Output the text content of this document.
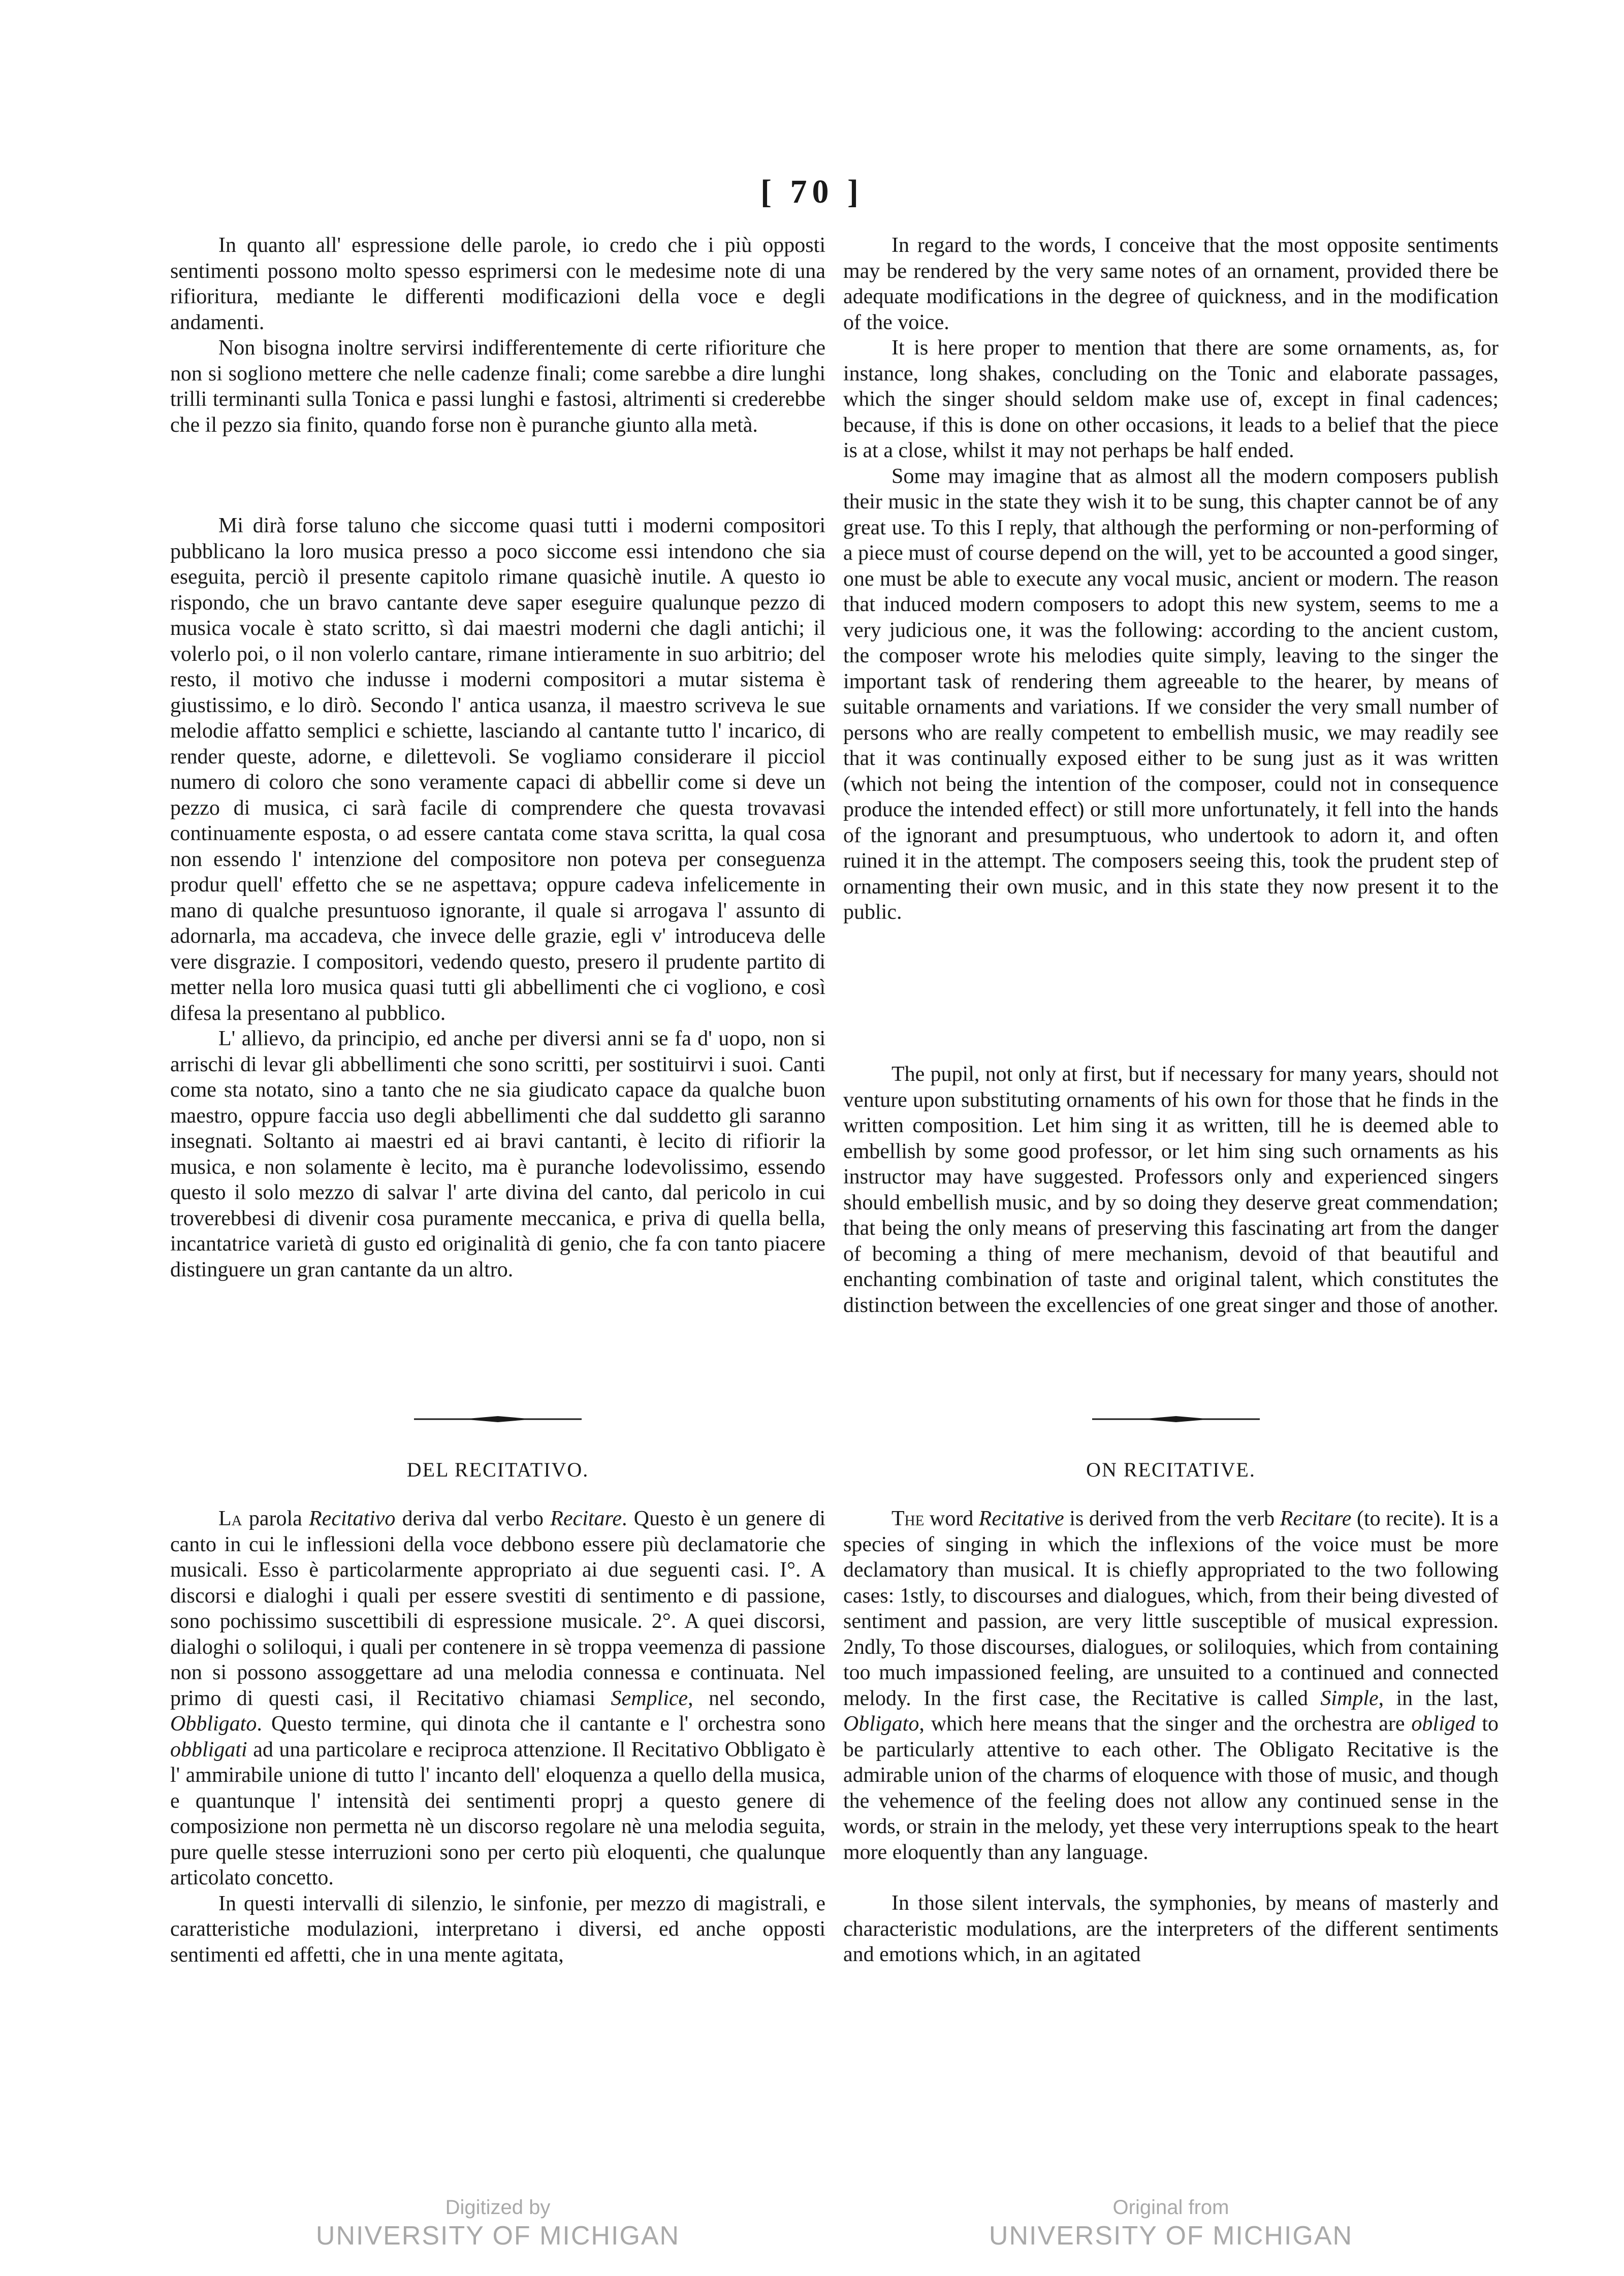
[ 70 ]

In quanto all' espressione delle parole, io credo che i più opposti sentimenti possono molto spesso esprimersi con le medesime note di una rifioritura, mediante le differenti modificazioni della voce e degli andamenti.

Non bisogna inoltre servirsi indifferentemente di certe rifioriture che non si sogliono mettere che nelle cadenze finali; come sarebbe a dire lunghi trilli terminanti sulla Tonica e passi lunghi e fastosi, altrimenti si crederebbe che il pezzo sia finito, quando forse non è puranche giunto alla metà.

Mi dirà forse taluno che siccome quasi tutti i moderni compositori pubblicano la loro musica presso a poco siccome essi intendono che sia eseguita, perciò il presente capitolo rimane quasichè inutile. A questo io rispondo, che un bravo cantante deve saper eseguire qualunque pezzo di musica vocale è stato scritto, sì dai maestri moderni che dagli antichi; il volerlo poi, o il non volerlo cantare, rimane intieramente in suo arbitrio; del resto, il motivo che indusse i moderni compositori a mutar sistema è giustissimo, e lo dirò. Secondo l' antica usanza, il maestro scriveva le sue melodie affatto semplici e schiette, lasciando al cantante tutto l' incarico, di render queste, adorne, e dilettevoli. Se vogliamo considerare il picciol numero di coloro che sono veramente capaci di abbellir come si deve un pezzo di musica, ci sarà facile di comprendere che questa trovavasi continuamente esposta, o ad essere cantata come stava scritta, la qual cosa non essendo l' intenzione del compositore non poteva per conseguenza produr quell' effetto che se ne aspettava; oppure cadeva infelicemente in mano di qualche presuntuoso ignorante, il quale si arrogava l' assunto di adornarla, ma accadeva, che invece delle grazie, egli v' introduceva delle vere disgrazie. I compositori, vedendo questo, presero il prudente partito di metter nella loro musica quasi tutti gli abbellimenti che ci vogliono, e così difesa la presentano al pubblico.

L' allievo, da principio, ed anche per diversi anni se fa d' uopo, non si arrischi di levar gli abbellimenti che sono scritti, per sostituirvi i suoi. Canti come sta notato, sino a tanto che ne sia giudicato capace da qualche buon maestro, oppure faccia uso degli abbellimenti che dal suddetto gli saranno insegnati. Soltanto ai maestri ed ai bravi cantanti, è lecito di rifiorir la musica, e non solamente è lecito, ma è puranche lodevolissimo, essendo questo il solo mezzo di salvar l' arte divina del canto, dal pericolo in cui troverebbesi di divenir cosa puramente meccanica, e priva di quella bella, incantatrice varietà di gusto ed originalità di genio, che fa con tanto piacere distinguere un gran cantante da un altro.

DEL RECITATIVO.

La parola Recitativo deriva dal verbo Recitare. Questo è un genere di canto in cui le inflessioni della voce debbono essere più declamatorie che musicali. Esso è particolarmente appropriato ai due seguenti casi. I°. A discorsi e dialoghi i quali per essere svestiti di sentimento e di passione, sono pochissimo suscettibili di espressione musicale. 2°. A quei discorsi, dialoghi o soliloqui, i quali per contenere in sè troppa veemenza di passione non si possono assoggettare ad una melodia connessa e continuata. Nel primo di questi casi, il Recitativo chiamasi Semplice, nel secondo, Obbligato. Questo termine, qui dinota che il cantante e l' orchestra sono obbligati ad una particolare e reciproca attenzione. Il Recitativo Obbligato è l' ammirabile unione di tutto l' incanto dell' eloquenza a quello della musica, e quantunque l' intensità dei sentimenti proprj a questo genere di composizione non permetta nè un discorso regolare nè una melodia seguita, pure quelle stesse interruzioni sono per certo più eloquenti, che qualunque articolato concetto.

In questi intervalli di silenzio, le sinfonie, per mezzo di magistrali, e caratteristiche modulazioni, interpretano i diversi, ed anche opposti sentimenti ed affetti, che in una mente agitata,

In regard to the words, I conceive that the most opposite sentiments may be rendered by the very same notes of an ornament, provided there be adequate modifications in the degree of quickness, and in the modification of the voice.

It is here proper to mention that there are some ornaments, as, for instance, long shakes, concluding on the Tonic and elaborate passages, which the singer should seldom make use of, except in final cadences; because, if this is done on other occasions, it leads to a belief that the piece is at a close, whilst it may not perhaps be half ended.

Some may imagine that as almost all the modern composers publish their music in the state they wish it to be sung, this chapter cannot be of any great use. To this I reply, that although the performing or non-performing of a piece must of course depend on the will, yet to be accounted a good singer, one must be able to execute any vocal music, ancient or modern. The reason that induced modern composers to adopt this new system, seems to me a very judicious one, it was the following: according to the ancient custom, the composer wrote his melodies quite simply, leaving to the singer the important task of rendering them agreeable to the hearer, by means of suitable ornaments and variations. If we consider the very small number of persons who are really competent to embellish music, we may readily see that it was continually exposed either to be sung just as it was written (which not being the intention of the composer, could not in consequence produce the intended effect) or still more unfortunately, it fell into the hands of the ignorant and presumptuous, who undertook to adorn it, and often ruined it in the attempt. The composers seeing this, took the prudent step of ornamenting their own music, and in this state they now present it to the public.

The pupil, not only at first, but if necessary for many years, should not venture upon substituting ornaments of his own for those that he finds in the written composition. Let him sing it as written, till he is deemed able to embellish by some good professor, or let him sing such ornaments as his instructor may have suggested. Professors only and experienced singers should embellish music, and by so doing they deserve great commendation; that being the only means of preserving this fascinating art from the danger of becoming a thing of mere mechanism, devoid of that beautiful and enchanting combination of taste and original talent, which constitutes the distinction between the excellencies of one great singer and those of another.

ON RECITATIVE.

The word Recitative is derived from the verb Recitare (to recite). It is a species of singing in which the inflexions of the voice must be more declamatory than musical. It is chiefly appropriated to the two following cases: 1stly, to discourses and dialogues, which, from their being divested of sentiment and passion, are very little susceptible of musical expression. 2ndly, To those discourses, dialogues, or soliloquies, which from containing too much impassioned feeling, are unsuited to a continued and connected melody. In the first case, the Recitative is called Simple, in the last, Obligato, which here means that the singer and the orchestra are obliged to be particularly attentive to each other. The Obligato Recitative is the admirable union of the charms of eloquence with those of music, and though the vehemence of the feeling does not allow any continued sense in the words, or strain in the melody, yet these very interruptions speak to the heart more eloquently than any language.

In those silent intervals, the symphonies, by means of masterly and characteristic modulations, are the interpreters of the different sentiments and emotions which, in an agitated

Digitized by
UNIVERSITY OF MICHIGAN
Original from
UNIVERSITY OF MICHIGAN
